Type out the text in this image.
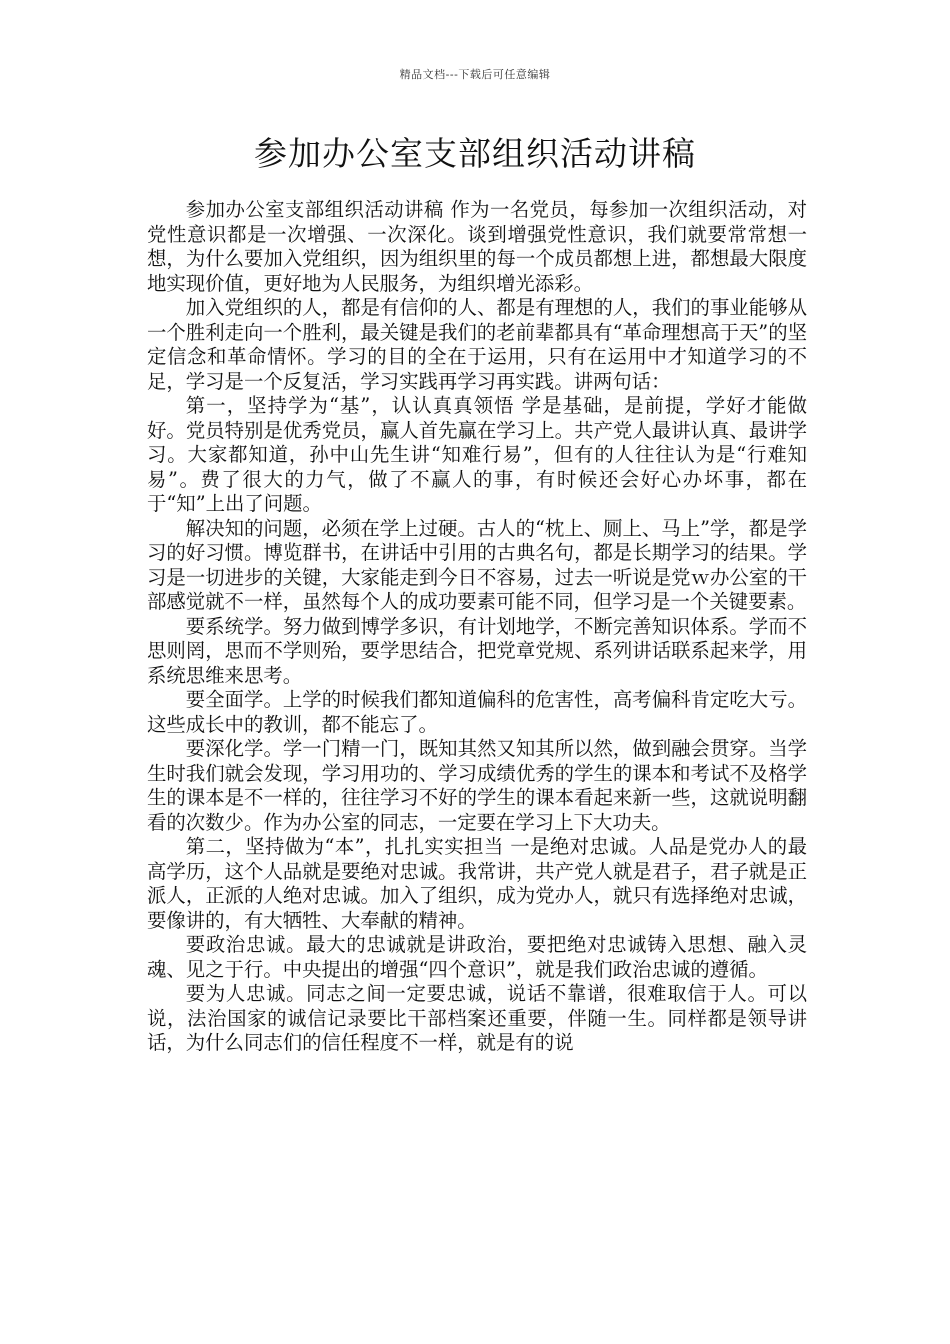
精品文档---下载后可任意编辑
参加办公室支部组织活动讲稿

参加办公室支部组织活动讲稿 作为一名党员，每参加一次组织活动，对党性意识都是一次增强、一次深化。谈到增强党性意识，我们就要常常想一想，为什么要加入党组织，因为组织里的每一个成员都想上进，都想最大限度地实现价值，更好地为人民服务，为组织增光添彩。

加入党组织的人，都是有信仰的人、都是有理想的人，我们的事业能够从一个胜利走向一个胜利，最关键是我们的老前辈都具有“革命理想高于天”的坚定信念和革命情怀。学习的目的全在于运用，只有在运用中才知道学习的不足，学习是一个反复活，学习实践再学习再实践。讲两句话：

第一，坚持学为“基”，认认真真领悟 学是基础，是前提，学好才能做好。党员特别是优秀党员，赢人首先赢在学习上。共产党人最讲认真、最讲学习。大家都知道，孙中山先生讲“知难行易”，但有的人往往认为是“行难知易”。费了很大的力气，做了不赢人的事，有时候还会好心办坏事，都在于“知”上出了问题。

解决知的问题，必须在学上过硬。古人的“枕上、厕上、马上”学，都是学习的好习惯。博览群书，在讲话中引用的古典名句，都是长期学习的结果。学习是一切进步的关键，大家能走到今日不容易，过去一听说是党ｗ办公室的干部感觉就不一样，虽然每个人的成功要素可能不同，但学习是一个关键要素。

要系统学。努力做到博学多识，有计划地学，不断完善知识体系。学而不思则罔，思而不学则殆，要学思结合，把党章党规、系列讲话联系起来学，用系统思维来思考。

要全面学。上学的时候我们都知道偏科的危害性，高考偏科肯定吃大亏。这些成长中的教训，都不能忘了。

要深化学。学一门精一门，既知其然又知其所以然，做到融会贯穿。当学生时我们就会发现，学习用功的、学习成绩优秀的学生的课本和考试不及格学生的课本是不一样的，往往学习不好的学生的课本看起来新一些，这就说明翻看的次数少。作为办公室的同志，一定要在学习上下大功夫。

第二，坚持做为“本”，扎扎实实担当 一是绝对忠诚。人品是党办人的最高学历，这个人品就是要绝对忠诚。我常讲，共产党人就是君子，君子就是正派人，正派的人绝对忠诚。加入了组织，成为党办人，就只有选择绝对忠诚，要像讲的，有大牺牲、大奉献的精神。

要政治忠诚。最大的忠诚就是讲政治，要把绝对忠诚铸入思想、融入灵魂、见之于行。中央提出的增强“四个意识”，就是我们政治忠诚的遵循。

要为人忠诚。同志之间一定要忠诚，说话不靠谱，很难取信于人。可以说，法治国家的诚信记录要比干部档案还重要，伴随一生。同样都是领导讲话，为什么同志们的信任程度不一样，就是有的说
